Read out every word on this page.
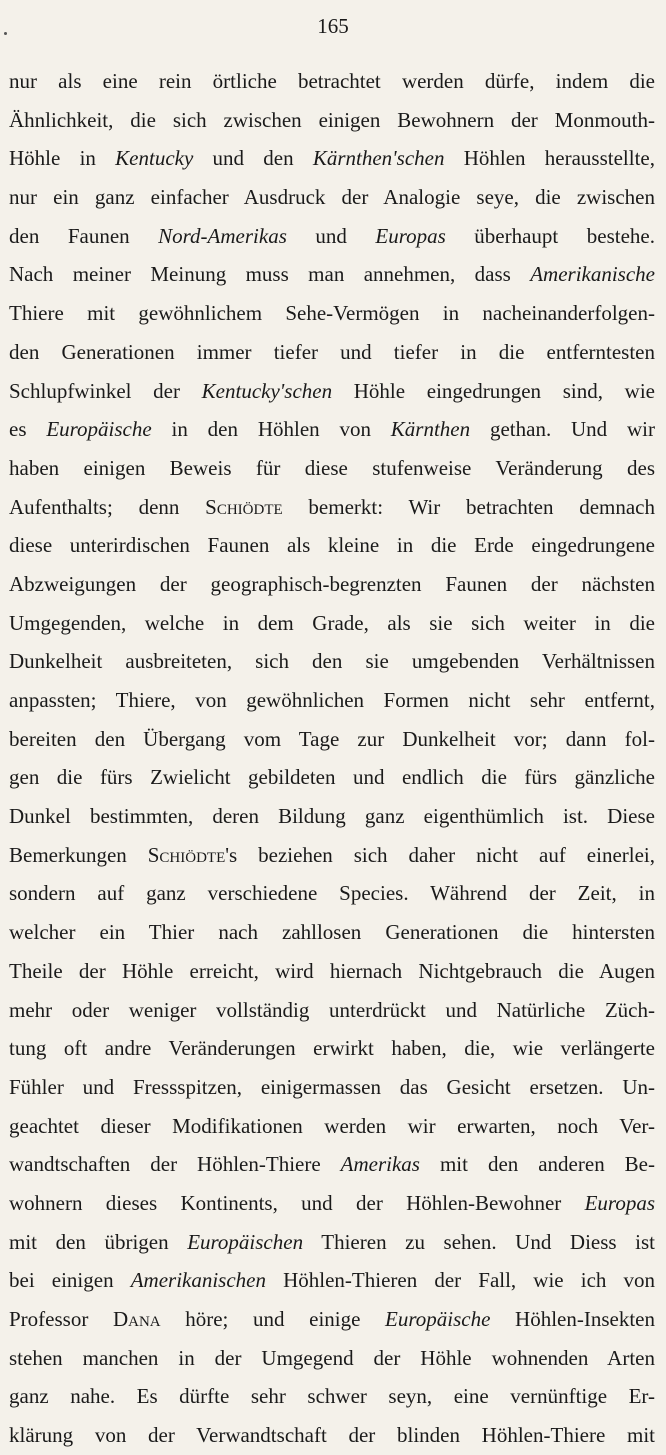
165
nur als eine rein örtliche betrachtet werden dürfe, indem die
Ähnlichkeit, die sich zwischen einigen Bewohnern der Monmouth-
Höhle in Kentucky und den Kärnthen'schen Höhlen herausstellte,
nur ein ganz einfacher Ausdruck der Analogie seye, die zwischen
den Faunen Nord-Amerikas und Europas überhaupt bestehe.
Nach meiner Meinung muss man annehmen, dass Amerikanische
Thiere mit gewöhnlichem Sehe-Vermögen in nacheinanderfolgen-
den Generationen immer tiefer und tiefer in die entferntesten
Schlupfwinkel der Kentucky'schen Höhle eingedrungen sind, wie
es Europäische in den Höhlen von Kärnthen gethan. Und wir
haben einigen Beweis für diese stufenweise Veränderung des
Aufenthalts; denn Schiödte bemerkt: Wir betrachten demnach
diese unterirdischen Faunen als kleine in die Erde eingedrungene
Abzweigungen der geographisch-begrenzten Faunen der nächsten
Umgegenden, welche in dem Grade, als sie sich weiter in die
Dunkelheit ausbreiteten, sich den sie umgebenden Verhältnissen
anpassten; Thiere, von gewöhnlichen Formen nicht sehr entfernt,
bereiten den Übergang vom Tage zur Dunkelheit vor; dann fol-
gen die fürs Zwielicht gebildeten und endlich die fürs gänzliche
Dunkel bestimmten, deren Bildung ganz eigenthümlich ist. Diese
Bemerkungen Schiödte's beziehen sich daher nicht auf einerlei,
sondern auf ganz verschiedene Species. Während der Zeit, in
welcher ein Thier nach zahllosen Generationen die hintersten
Theile der Höhle erreicht, wird hiernach Nichtgebrauch die Augen
mehr oder weniger vollständig unterdrückt und Natürliche Züch-
tung oft andre Veränderungen erwirkt haben, die, wie verlängerte
Fühler und Fressspitzen, einigermassen das Gesicht ersetzen. Un-
geachtet dieser Modifikationen werden wir erwarten, noch Ver-
wandtschaften der Höhlen-Thiere Amerikas mit den anderen Be-
wohnern dieses Kontinents, und der Höhlen-Bewohner Europas
mit den übrigen Europäischen Thieren zu sehen. Und Diess ist
bei einigen Amerikanischen Höhlen-Thieren der Fall, wie ich von
Professor Dana höre; und einige Europäische Höhlen-Insekten
stehen manchen in der Umgegend der Höhle wohnenden Arten
ganz nahe. Es dürfte sehr schwer seyn, eine vernünftige Er-
klärung von der Verwandtschaft der blinden Höhlen-Thiere mit
